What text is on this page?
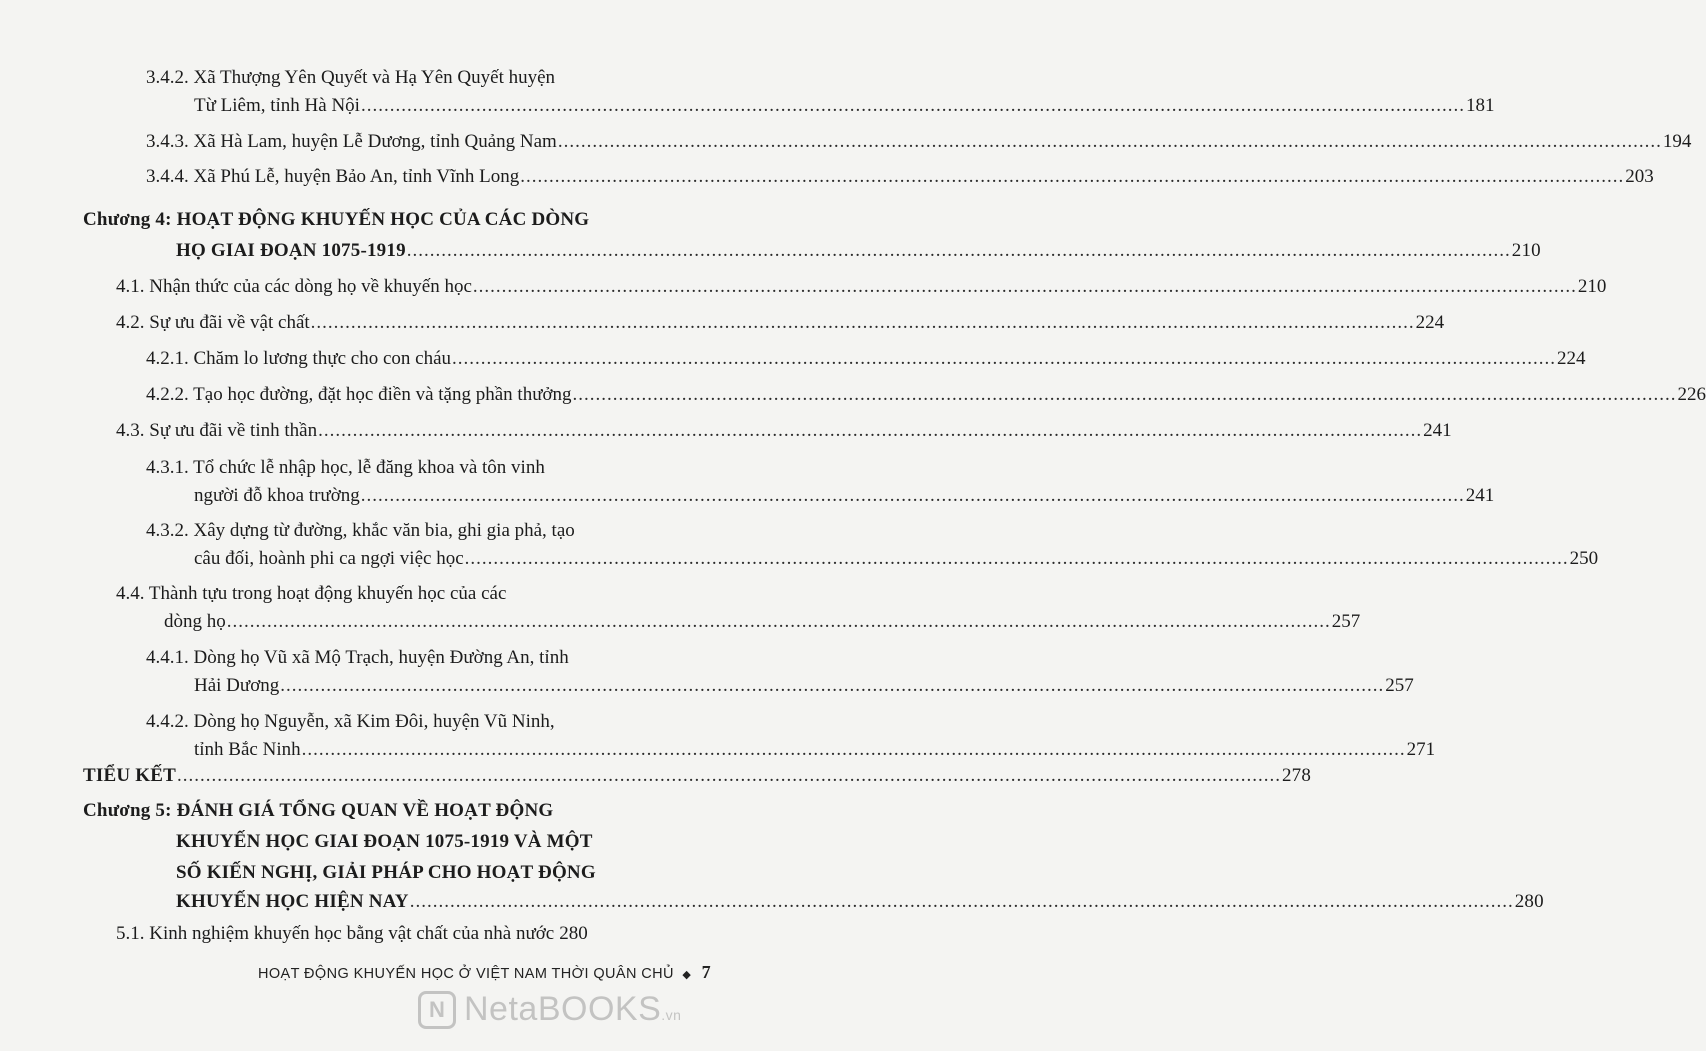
3.4.2. Xã Thượng Yên Quyết và Hạ Yên Quyết huyện
Từ Liêm, tỉnh Hà Nội .....	181
3.4.3. Xã Hà Lam, huyện Lễ Dương, tỉnh Quảng Nam .....	194
3.4.4. Xã Phú Lễ, huyện Bảo An, tỉnh Vĩnh Long .....	203
Chương 4: HOẠT ĐỘNG KHUYẾN HỌC CỦA CÁC DÒNG
HỌ GIAI ĐOẠN 1075-1919 .....	210
4.1. Nhận thức của các dòng họ về khuyến học .....	210
4.2. Sự ưu đãi về vật chất .....	224
4.2.1. Chăm lo lương thực cho con cháu .....	224
4.2.2. Tạo học đường, đặt học điền và tặng phần thưởng .....	226
4.3. Sự ưu đãi về tinh thần .....	241
4.3.1. Tổ chức lễ nhập học, lễ đăng khoa và tôn vinh
người đỗ khoa trường .....	241
4.3.2. Xây dựng từ đường, khắc văn bia, ghi gia phả, tạo
câu đối, hoành phi ca ngợi việc học .....	250
4.4. Thành tựu trong hoạt động khuyến học của các
dòng họ .....	257
4.4.1. Dòng họ Vũ xã Mộ Trạch, huyện Đường An, tỉnh
Hải Dương .....	257
4.4.2. Dòng họ Nguyễn, xã Kim Đôi, huyện Vũ Ninh,
tỉnh Bắc Ninh .....	271
TIỂU KẾT .....	278
Chương 5: ĐÁNH GIÁ TỔNG QUAN VỀ HOẠT ĐỘNG
KHUYẾN HỌC GIAI ĐOẠN 1075-1919 VÀ MỘT
SỐ KIẾN NGHỊ, GIẢI PHÁP CHO HOẠT ĐỘNG
KHUYẾN HỌC HIỆN NAY .....	280
5.1. Kinh nghiệm khuyến học bằng vật chất của nhà nước 280
HOẠT ĐỘNG KHUYẾN HỌC Ở VIỆT NAM THỜI QUÂN CHỦ ◆ 7
N NetaBOOKS.vn
